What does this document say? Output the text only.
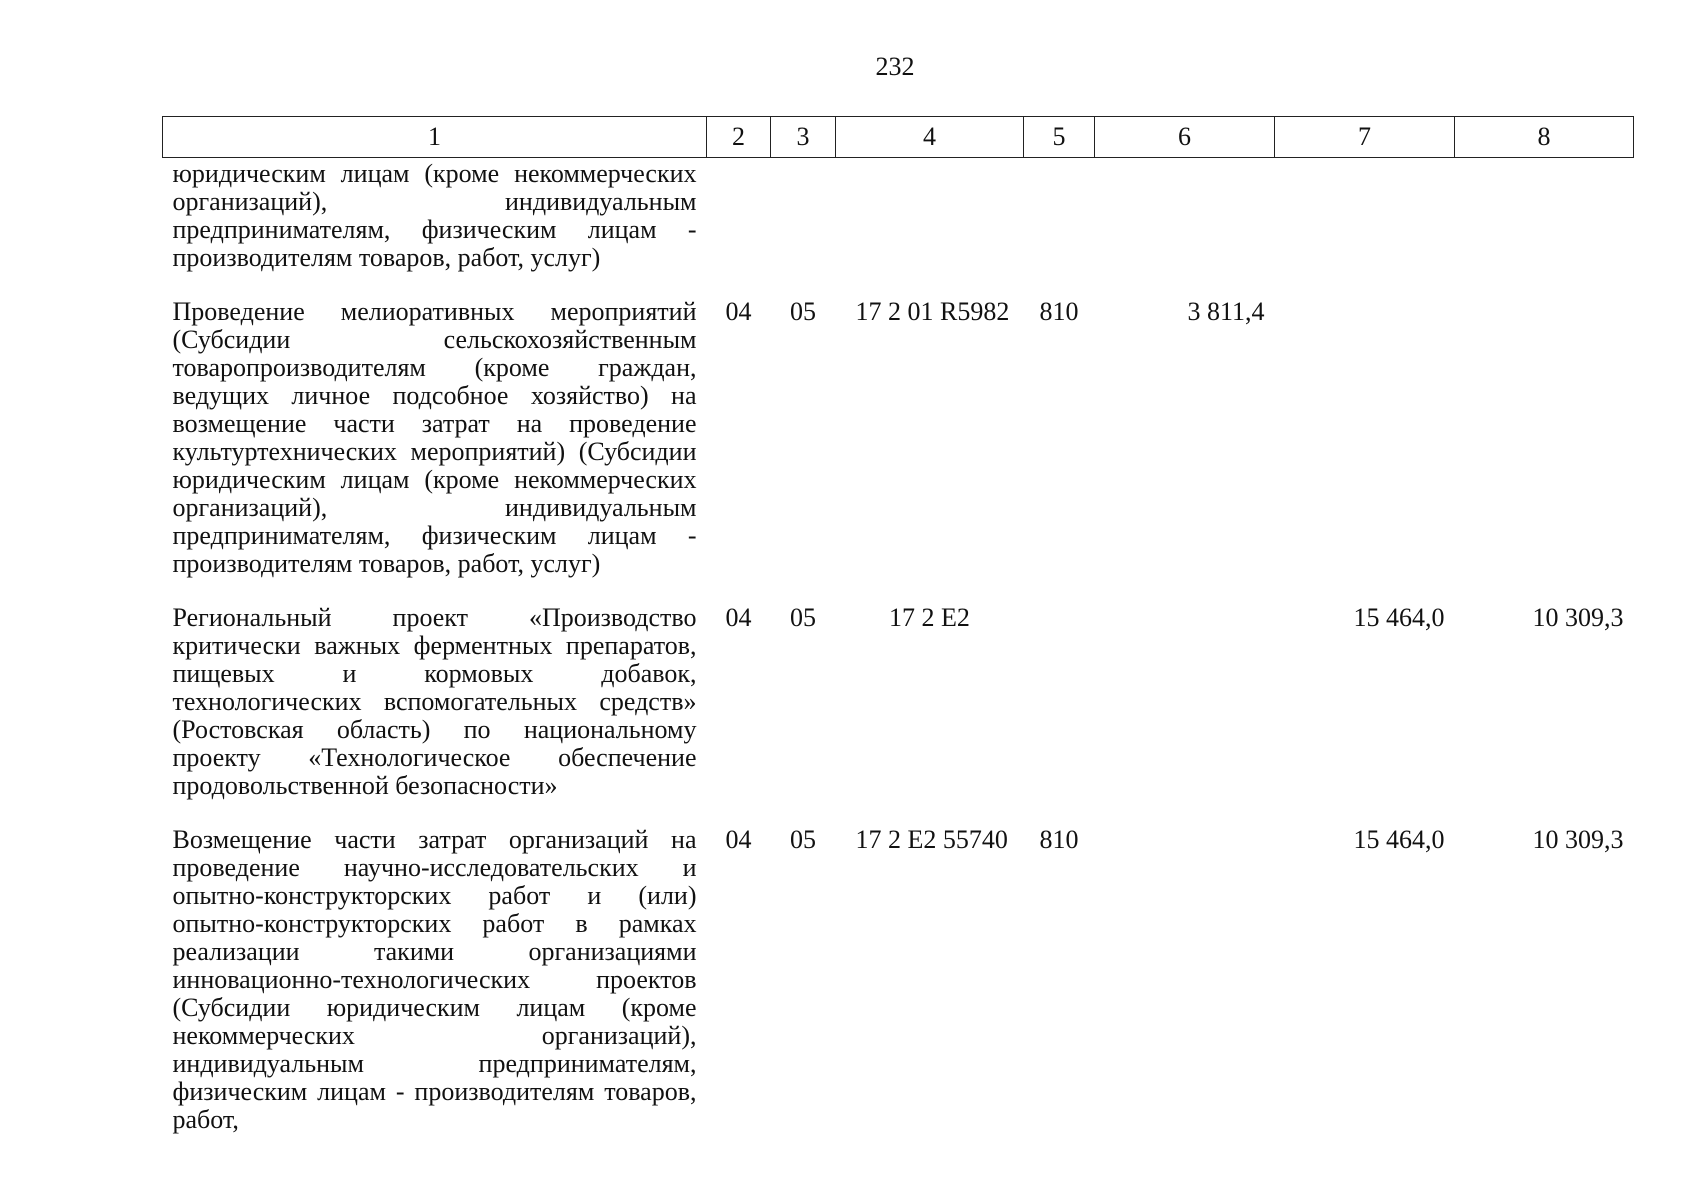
232
1	2	3	4	5	6	7	8
юридическим лицам (кроме некоммерческих организаций), индивидуальным предпринимателям, физическим лицам - производителям товаров, работ, услуг)							
Проведение мелиоративных мероприятий (Субсидии сельскохозяйственным товаропроизводителям (кроме граждан, ведущих личное подсобное хозяйство) на возмещение части затрат на проведение культуртехнических мероприятий) (Субсидии юридическим лицам (кроме некоммерческих организаций), индивидуальным предпринимателям, физическим лицам - производителям товаров, работ, услуг)	04	05	17 2 01 R5982	810	3 811,4		
Региональный проект «Производство критически важных ферментных препаратов, пищевых и кормовых добавок, технологических вспомогательных средств» (Ростовская область) по национальному проекту «Технологическое обеспечение продовольственной безопасности»	04	05	17 2 E2			15 464,0	10 309,3
Возмещение части затрат организаций на проведение научно-исследовательских и опытно-конструкторских работ и (или) опытно-конструкторских работ в рамках реализации такими организациями инновационно-технологических проектов (Субсидии юридическим лицам (кроме некоммерческих организаций), индивидуальным предпринимателям, физическим лицам - производителям товаров, работ,	04	05	17 2 E2 55740	810		15 464,0	10 309,3
